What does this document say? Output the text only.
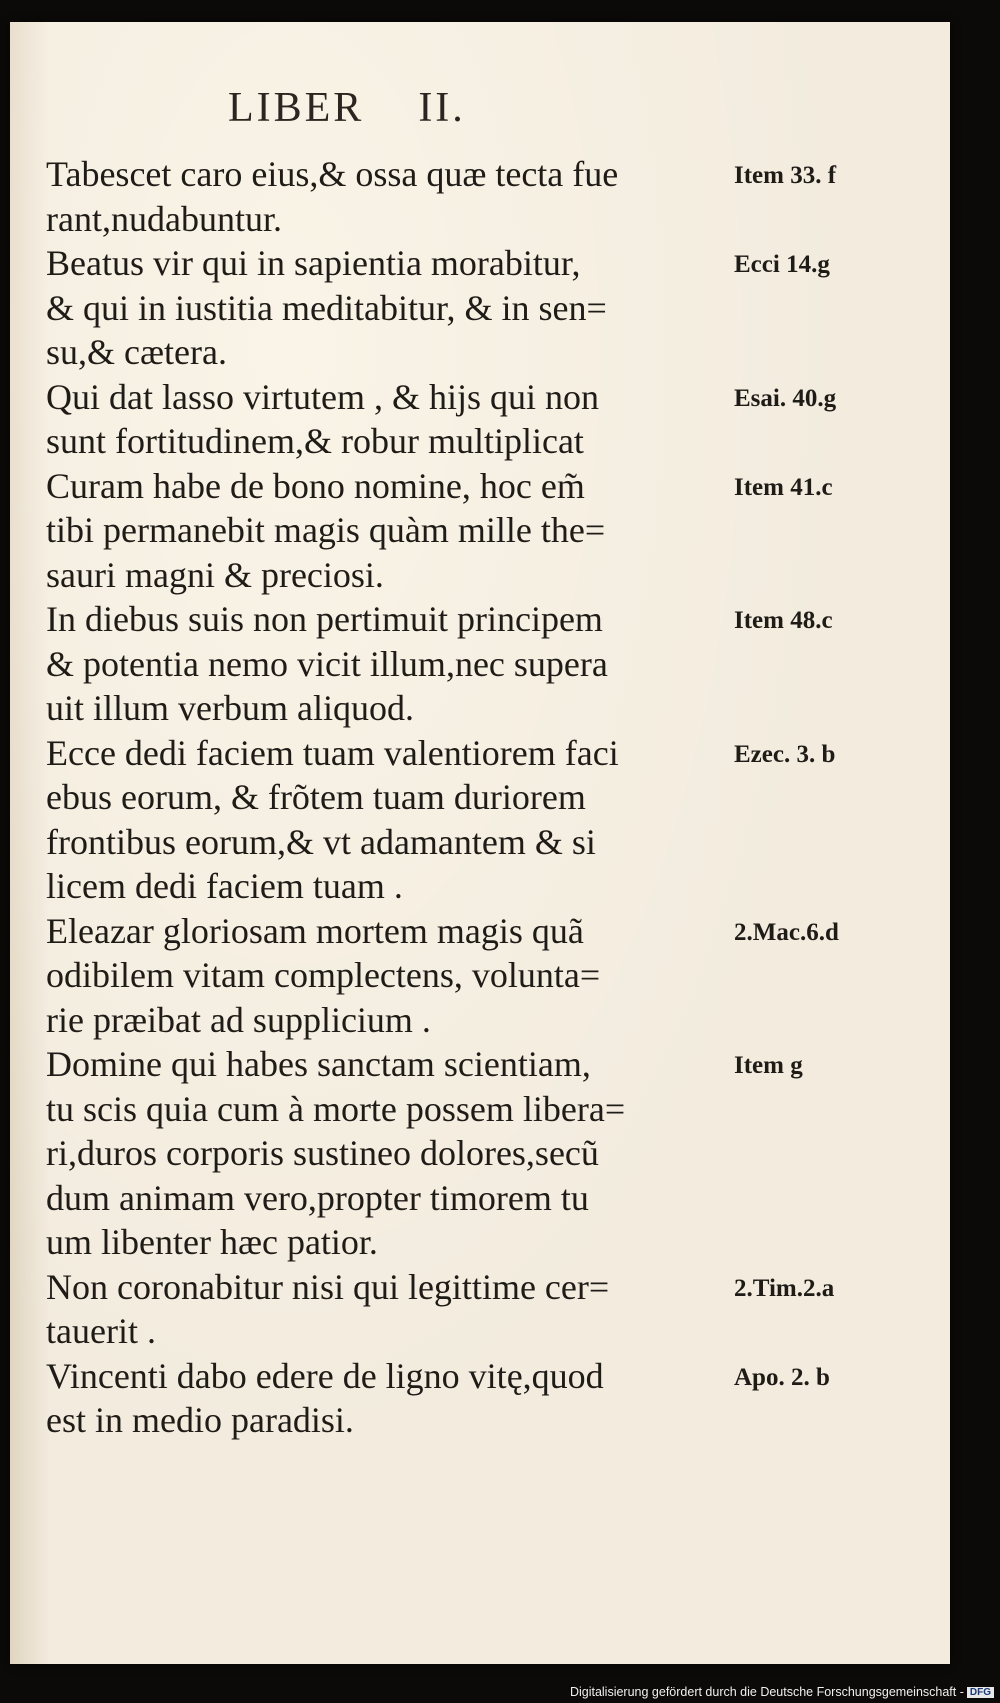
LIBER    II.
Tabescet caro eius,& ossa quæ tecta fue
rant,nudabuntur.
Item 33. f
Beatus vir qui in sapientia morabitur,
& qui in iustitia meditabitur, & in sen=
su,& cætera.
Ecci 14.g
Qui dat lasso virtutem , & hijs qui non
sunt fortitudinem,& robur multiplicat
Esai. 40.g
Curam habe de bono nomine, hoc em̃
tibi permanebit magis quàm mille the=
sauri magni & preciosi.
Item 41.c
In diebus suis non pertimuit principem
& potentia nemo vicit illum,nec supera
uit illum verbum aliquod.
Item 48.c
Ecce dedi faciem tuam valentiorem faci
ebus eorum, & frõtem tuam duriorem
frontibus eorum,& vt adamantem & si
licem dedi faciem tuam .
Ezec. 3. b
Eleazar gloriosam mortem magis quã
odibilem vitam complectens, volunta=
rie præibat ad supplicium .
2.Mac.6.d
Domine qui habes sanctam scientiam,
tu scis quia cum à morte possem libera=
ri,duros corporis sustineo dolores,secũ
dum animam vero,propter timorem tu
um libenter hæc patior.
Item g
Non coronabitur nisi qui legittime cer=
tauerit .
2.Tim.2.a
Vincenti dabo edere de ligno vitę,quod
est in medio paradisi.
Apo. 2. b
Digitalisierung gefördert durch die Deutsche Forschungsgemeinschaft - DFG
